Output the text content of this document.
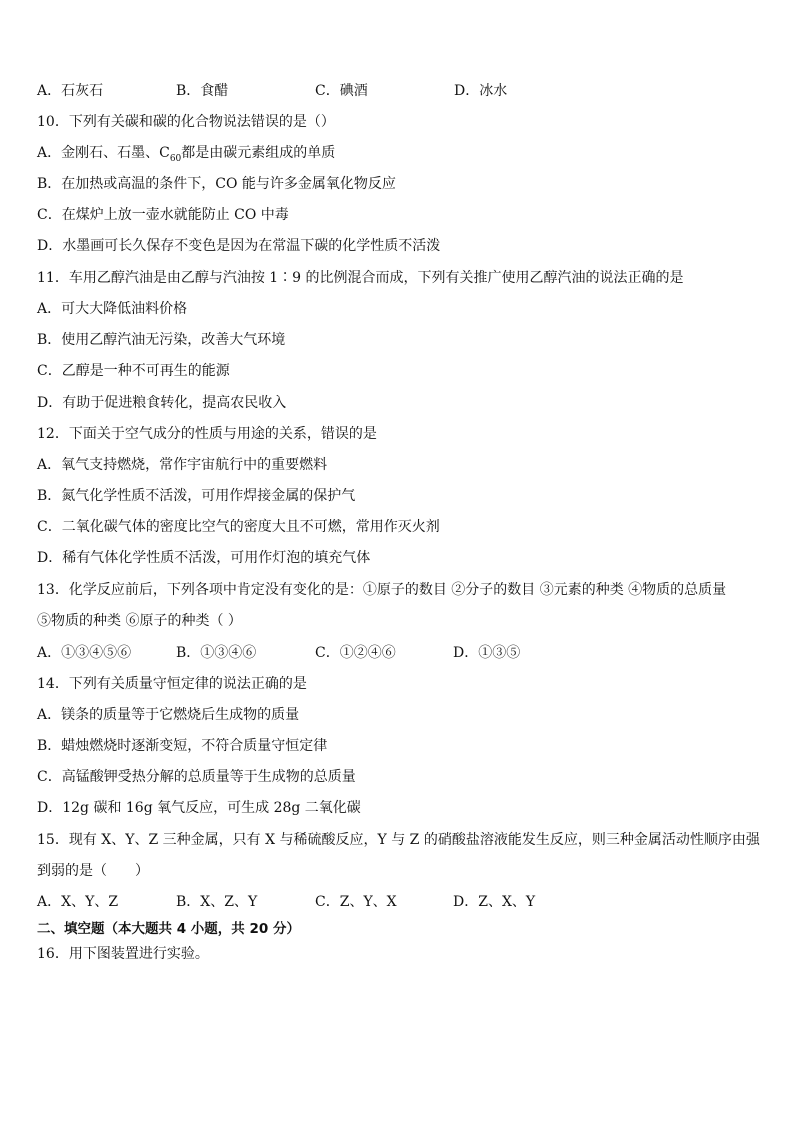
A．石灰石	B．食醋	C．碘酒	D．冰水
10．下列有关碳和碳的化合物说法错误的是（）
A．金刚石、石墨、$C_{60}$都是由碳元素组成的单质
B．在加热或高温的条件下，CO 能与许多金属氧化物反应
C．在煤炉上放一壶水就能防止 CO 中毒
D．水墨画可长久保存不变色是因为在常温下碳的化学性质不活泼
11．车用乙醇汽油是由乙醇与汽油按 1∶9 的比例混合而成，下列有关推广使用乙醇汽油的说法正确的是
A．可大大降低油料价格
B．使用乙醇汽油无污染，改善大气环境
C．乙醇是一种不可再生的能源
D．有助于促进粮食转化，提高农民收入
12．下面关于空气成分的性质与用途的关系，错误的是
A．氧气支持燃烧，常作宇宙航行中的重要燃料
B．氮气化学性质不活泼，可用作焊接金属的保护气
C．二氧化碳气体的密度比空气的密度大且不可燃，常用作灭火剂
D．稀有气体化学性质不活泼，可用作灯泡的填充气体
13．化学反应前后，下列各项中肯定没有变化的是：①原子的数目 ②分子的数目 ③元素的种类 ④物质的总质量
⑤物质的种类 ⑥原子的种类（ ）
A．①③④⑤⑥	B．①③④⑥	C．①②④⑥	D．①③⑤
14．下列有关质量守恒定律的说法正确的是
A．镁条的质量等于它燃烧后生成物的质量
B．蜡烛燃烧时逐渐变短，不符合质量守恒定律
C．高锰酸钾受热分解的总质量等于生成物的总质量
D．12g 碳和 16g 氧气反应，可生成 28g 二氧化碳
15．现有 X、Y、Z 三种金属，只有 X 与稀硫酸反应，Y 与 Z 的硝酸盐溶液能发生反应，则三种金属活动性顺序由强
到弱的是（　　）
A．X、Y、Z	B．X、Z、Y	C．Z、Y、X	D．Z、X、Y
二、填空题（本大题共 4 小题，共 20 分）
16．用下图装置进行实验。
